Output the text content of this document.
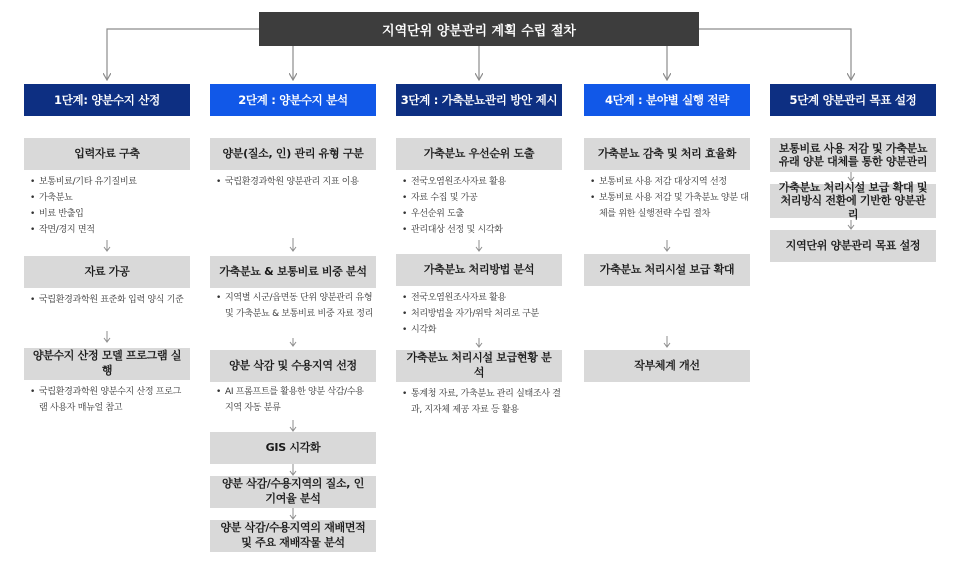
지역단위 양분관리 계획 수립 절차
1단계: 양분수지 산정	2단계 : 양분수지 분석	3단계 : 가축분뇨관리 방안 제시	4단계 : 분야별 실행 전략	5단계 양분관리 목표 설정
입력자료 구축
• 보통비료/기타 유기질비료
• 가축분뇨
• 비료 반출입
• 작면/경지 면적
자료 가공
• 국립환경과학원 표준화 입력 양식 기준
양분수지 산정 모델 프로그램 실행
• 국립환경과학원 양분수지 산정 프로그램 사용자 매뉴얼 참고
양분(질소, 인) 관리 유형 구분
• 국립환경과학원 양분관리 지표 이용
가축분뇨 & 보통비료 비중 분석
• 지역별 시군/읍면동 단위 양분관리 유형 및 가축분뇨 & 보통비료 비중 자료 정리
양분 삭감 및 수용지역 선정
• AI 프롬프트를 활용한 양분 삭감/수용 지역 자동 분류
GIS 시각화
양분 삭감/수용지역의 질소, 인 기여율 분석
양분 삭감/수용지역의 재배면적 및 주요 재배작물 분석
가축분뇨 우선순위 도출
• 전국오염원조사자료 활용
• 자료 수집 및 가공
• 우선순위 도출
• 관리대상 선정 및 시각화
가축분뇨 처리방법 분석
• 전국오염원조사자료 활용
• 처리방법을 자가/위탁 처리로 구분
• 시각화
가축분뇨 처리시설 보급현황 분석
• 통계청 자료, 가축분뇨 관리 실태조사 결과, 지자체 제공 자료 등 활용
가축분뇨 감축 및 처리 효율화
• 보통비료 사용 저감 대상지역 선정
• 보통비료 사용 저감 및 가축분뇨 양분 대체를 위한 실행전략 수립 절차
가축분뇨 처리시설 보급 확대
작부체계 개선
보통비료 사용 저감 및 가축분뇨 유래 양분 대체를 통한 양분관리
가축분뇨 처리시설 보급 확대 및 처리방식 전환에 기반한 양분관리
지역단위 양분관리 목표 설정
